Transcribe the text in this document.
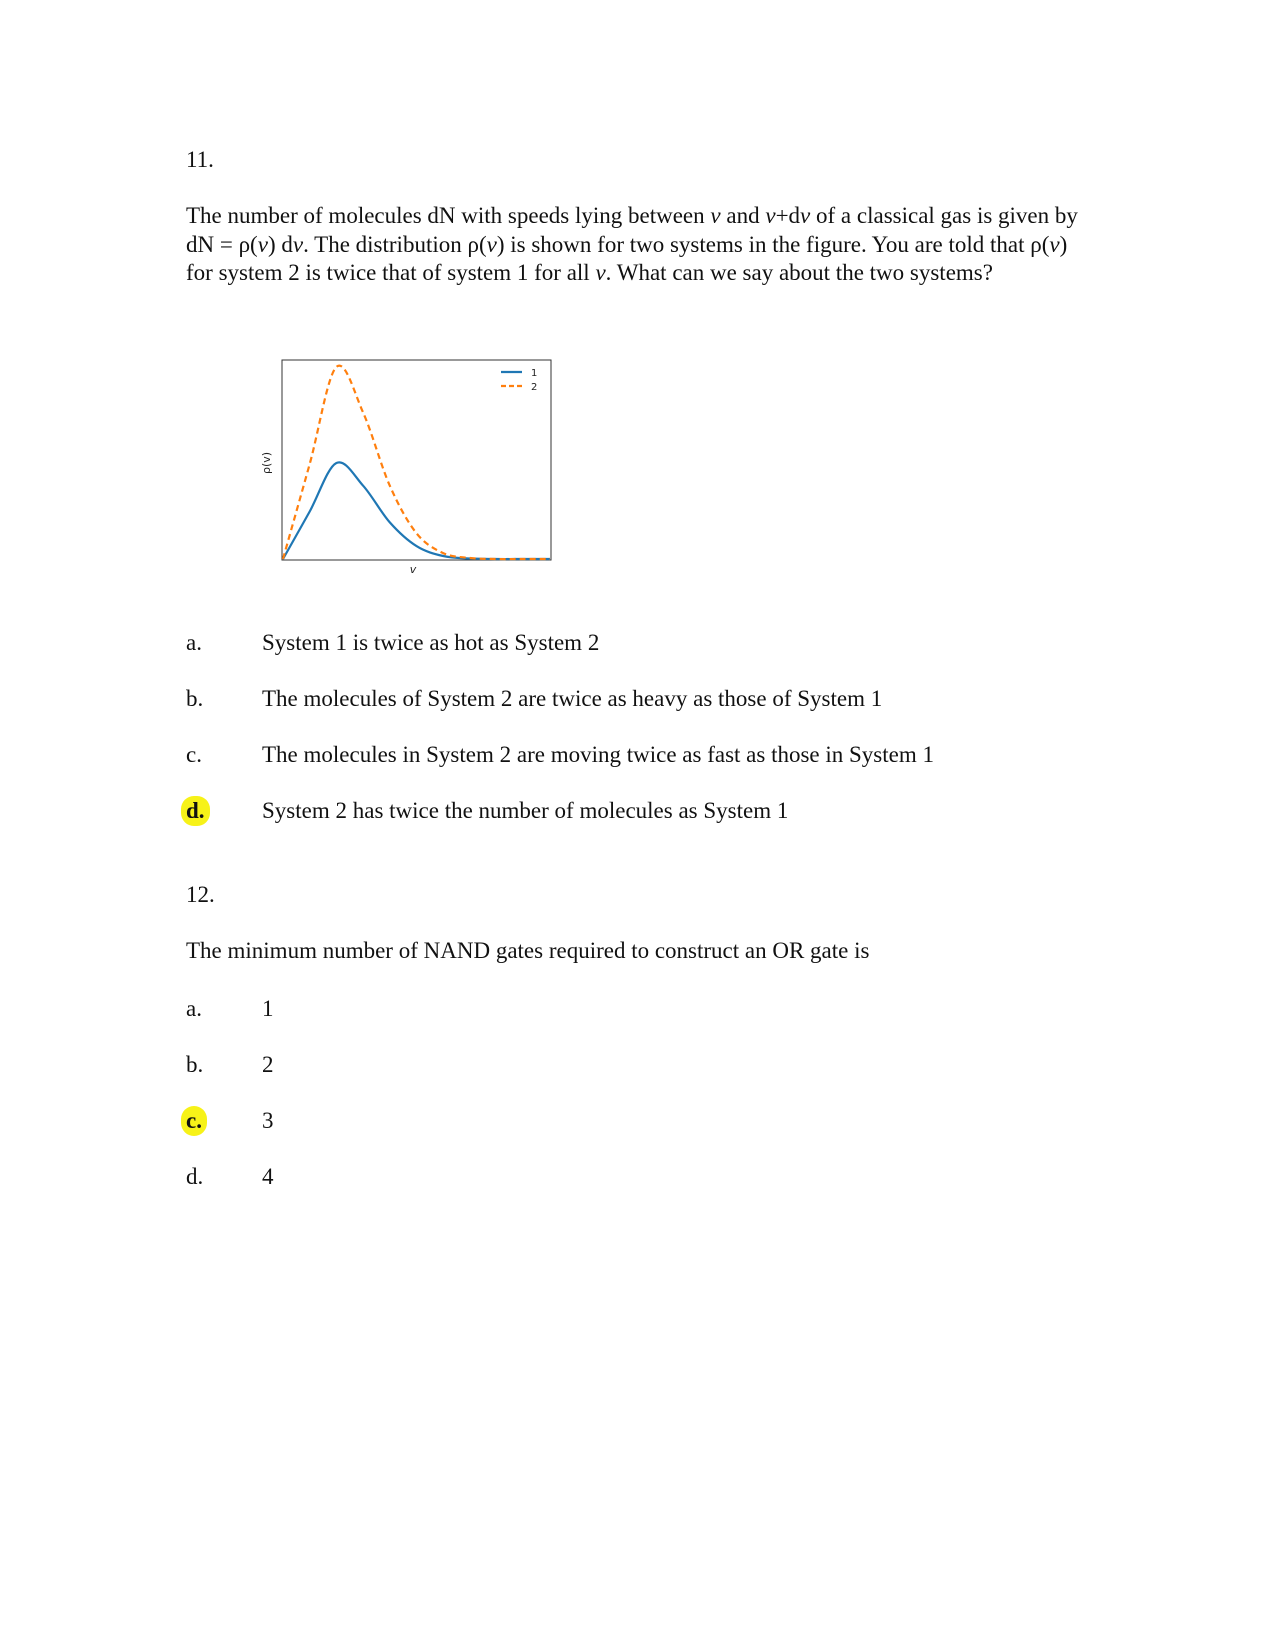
11.
The number of molecules dN with speeds lying between v and v+dv of a classical gas is given by dN = ρ(v) dv. The distribution ρ(v) is shown for two systems in the figure. You are told that ρ(v) for system 2 is twice that of system 1 for all v. What can we say about the two systems?
ρ(v)
v
1
2
a.	System 1 is twice as hot as System 2
b.	The molecules of System 2 are twice as heavy as those of System 1
c.	The molecules in System 2 are moving twice as fast as those in System 1
d. System 2 has twice the number of molecules as System 1
12.
The minimum number of NAND gates required to construct an OR gate is
a.	1
b.	2
c.	3
d.	4
